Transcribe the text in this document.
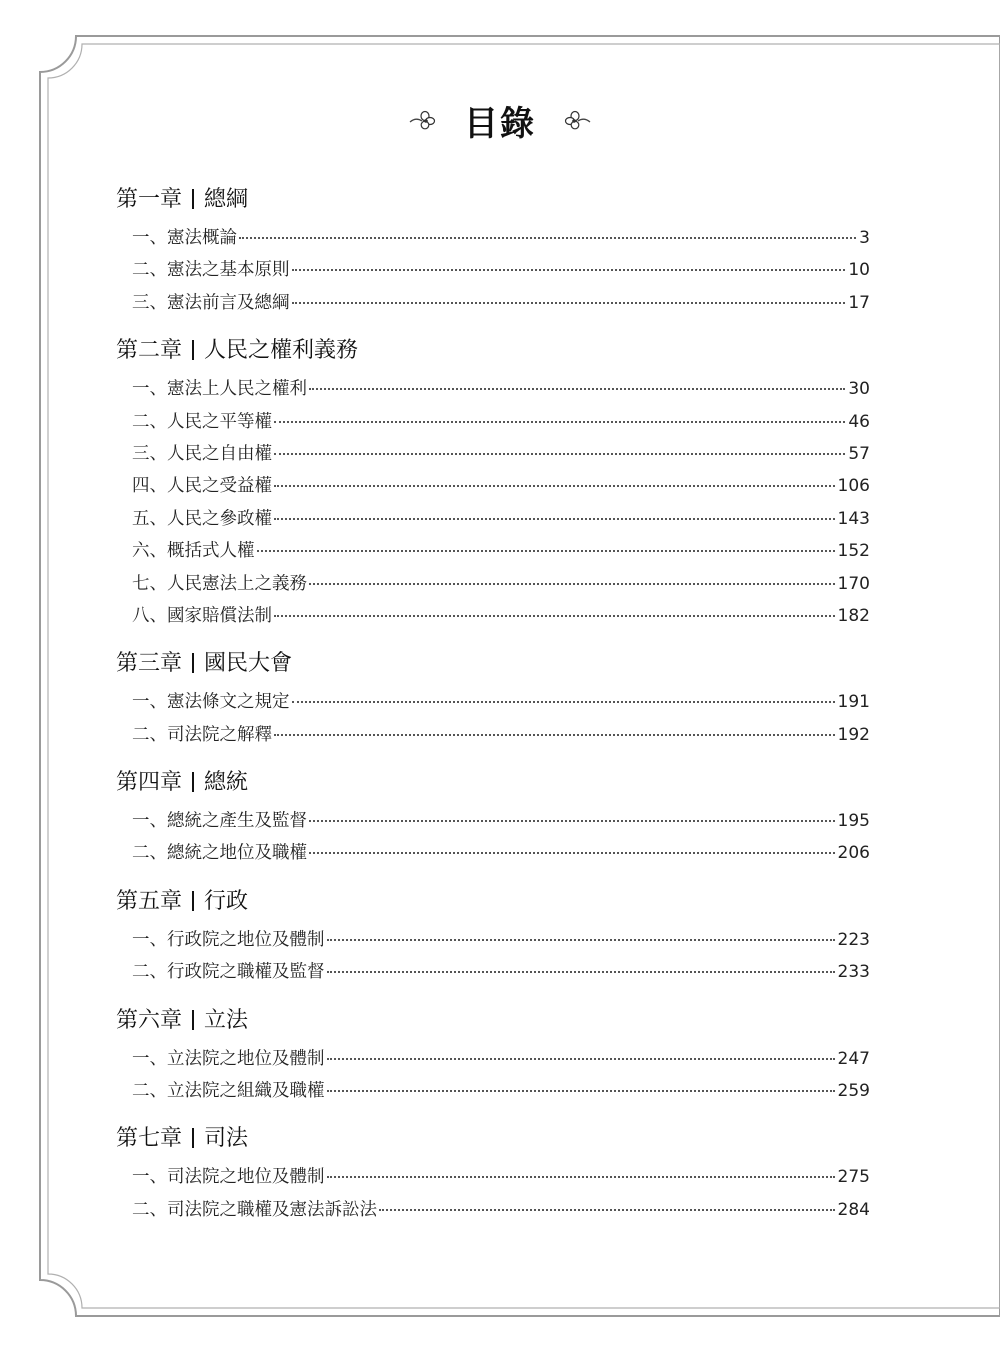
目錄
第一章 總綱
一、 憲法概論	3
二、 憲法之基本原則	10
三、 憲法前言及總綱	17
第二章 人民之權利義務
一、 憲法上人民之權利	30
二、 人民之平等權	46
三、 人民之自由權	57
四、 人民之受益權	106
五、 人民之參政權	143
六、 概括式人權	152
七、 人民憲法上之義務	170
八、 國家賠償法制	182
第三章 國民大會
一、 憲法條文之規定	191
二、 司法院之解釋	192
第四章 總統
一、 總統之產生及監督	195
二、 總統之地位及職權	206
第五章 行政
一、 行政院之地位及體制	223
二、 行政院之職權及監督	233
第六章 立法
一、 立法院之地位及體制	247
二、 立法院之組織及職權	259
第七章 司法
一、 司法院之地位及體制	275
二、 司法院之職權及憲法訴訟法	284
